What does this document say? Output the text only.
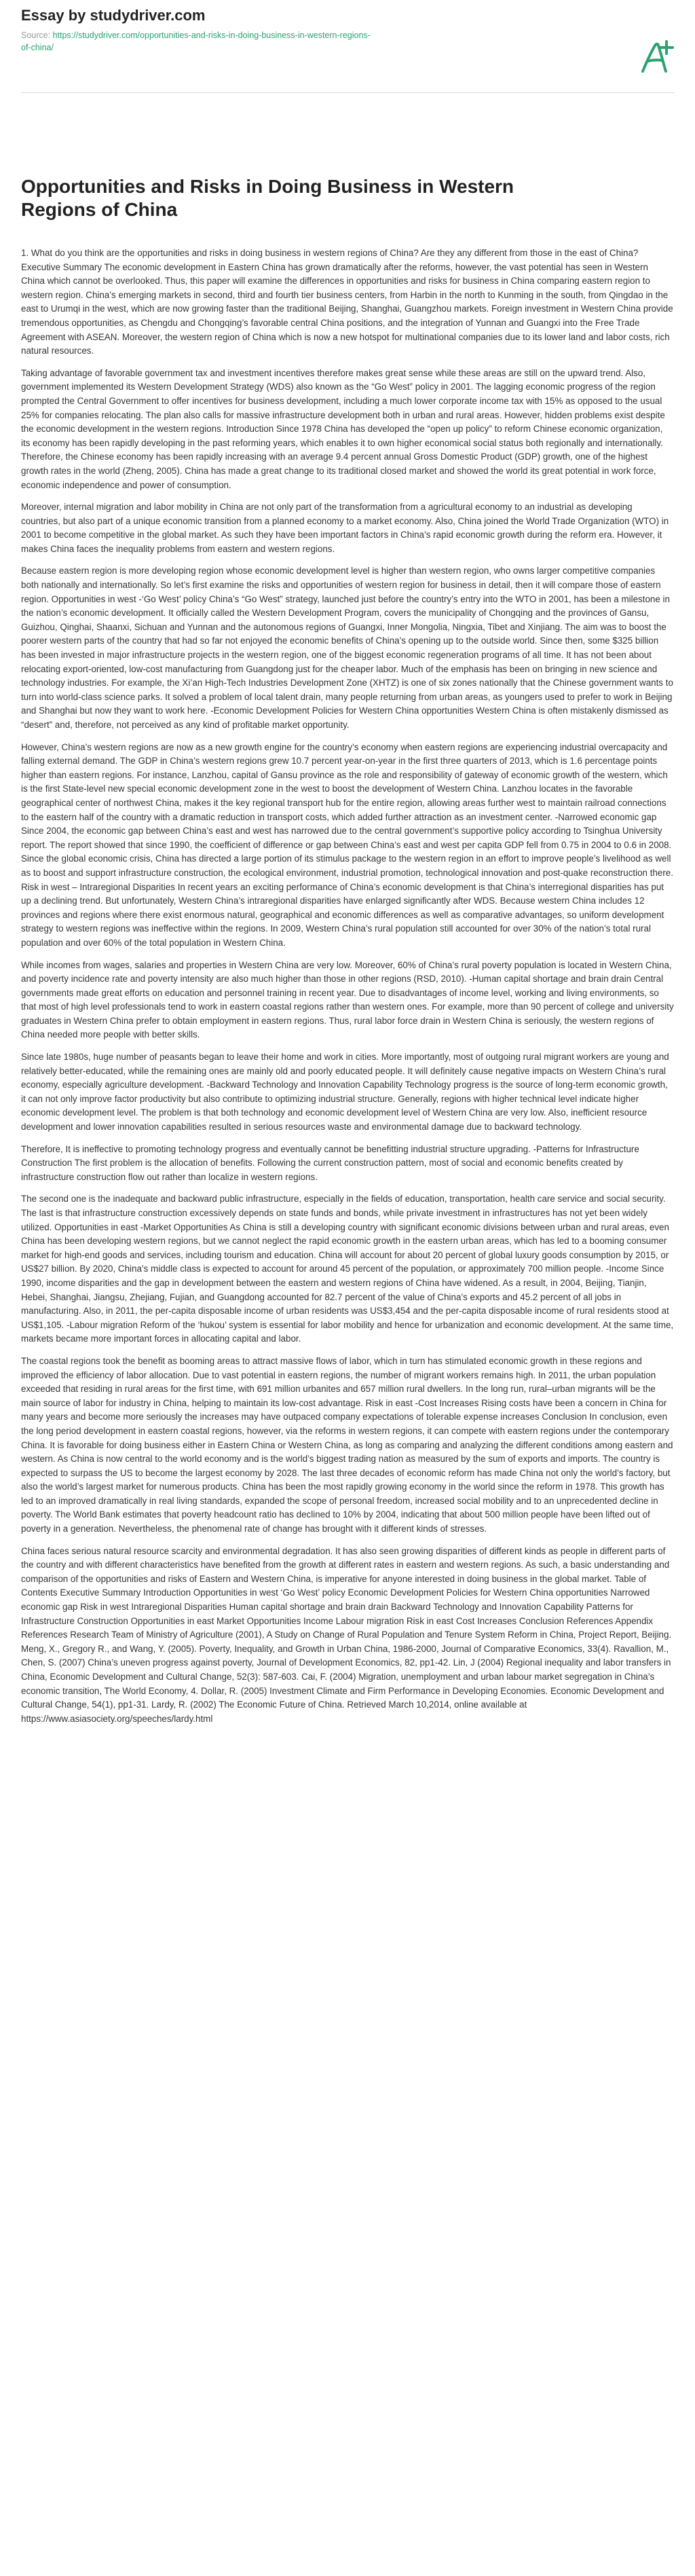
Essay by studydriver.com
Source: https://studydriver.com/opportunities-and-risks-in-doing-business-in-western-regions-of-china/
Opportunities and Risks in Doing Business in Western Regions of China

1. What do you think are the opportunities and risks in doing business in western regions of China? Are they any different from those in the east of China? Executive Summary The economic development in Eastern China has grown dramatically after the reforms, however, the vast potential has seen in Western China which cannot be overlooked. Thus, this paper will examine the differences in opportunities and risks for business in China comparing eastern region to western region. China’s emerging markets in second, third and fourth tier business centers, from Harbin in the north to Kunming in the south, from Qingdao in the east to Urumqi in the west, which are now growing faster than the traditional Beijing, Shanghai, Guangzhou markets. Foreign investment in Western China provide tremendous opportunities, as Chengdu and Chongqing’s favorable central China positions, and the integration of Yunnan and Guangxi into the Free Trade Agreement with ASEAN. Moreover, the western region of China which is now a new hotspot for multinational companies due to its lower land and labor costs, rich natural resources.

Taking advantage of favorable government tax and investment incentives therefore makes great sense while these areas are still on the upward trend. Also, government implemented its Western Development Strategy (WDS) also known as the “Go West” policy in 2001. The lagging economic progress of the region prompted the Central Government to offer incentives for business development, including a much lower corporate income tax with 15% as opposed to the usual 25% for companies relocating. The plan also calls for massive infrastructure development both in urban and rural areas. However, hidden problems exist despite the economic development in the western regions. Introduction Since 1978 China has developed the “open up policy” to reform Chinese economic organization, its economy has been rapidly developing in the past reforming years, which enables it to own higher economical social status both regionally and internationally. Therefore, the Chinese economy has been rapidly increasing with an average 9.4 percent annual Gross Domestic Product (GDP) growth, one of the highest growth rates in the world (Zheng, 2005). China has made a great change to its traditional closed market and showed the world its great potential in work force, economic independence and power of consumption.

Moreover, internal migration and labor mobility in China are not only part of the transformation from a agricultural economy to an industrial as developing countries, but also part of a unique economic transition from a planned economy to a market economy. Also, China joined the World Trade Organization (WTO) in 2001 to become competitive in the global market. As such they have been important factors in China’s rapid economic growth during the reform era. However, it makes China faces the inequality problems from eastern and western regions.

Because eastern region is more developing region whose economic development level is higher than western region, who owns larger competitive companies both nationally and internationally. So let’s first examine the risks and opportunities of western region for business in detail, then it will compare those of eastern region. Opportunities in west -‘Go West’ policy China’s “Go West” strategy, launched just before the country’s entry into the WTO in 2001, has been a milestone in the nation’s economic development. It officially called the Western Development Program, covers the municipality of Chongqing and the provinces of Gansu, Guizhou, Qinghai, Shaanxi, Sichuan and Yunnan and the autonomous regions of Guangxi, Inner Mongolia, Ningxia, Tibet and Xinjiang. The aim was to boost the poorer western parts of the country that had so far not enjoyed the economic benefits of China’s opening up to the outside world. Since then, some $325 billion has been invested in major infrastructure projects in the western region, one of the biggest economic regeneration programs of all time. It has not been about relocating export-oriented, low-cost manufacturing from Guangdong just for the cheaper labor. Much of the emphasis has been on bringing in new science and technology industries. For example, the Xi’an High-Tech Industries Development Zone (XHTZ) is one of six zones nationally that the Chinese government wants to turn into world-class science parks. It solved a problem of local talent drain, many people returning from urban areas, as youngers used to prefer to work in Beijing and Shanghai but now they want to work here. -Economic Development Policies for Western China opportunities Western China is often mistakenly dismissed as “desert” and, therefore, not perceived as any kind of profitable market opportunity.

However, China’s western regions are now as a new growth engine for the country’s economy when eastern regions are experiencing industrial overcapacity and falling external demand. The GDP in China’s western regions grew 10.7 percent year-on-year in the first three quarters of 2013, which is 1.6 percentage points higher than eastern regions. For instance, Lanzhou, capital of Gansu province as the role and responsibility of gateway of economic growth of the western, which is the first State-level new special economic development zone in the west to boost the development of Western China. Lanzhou locates in the favorable geographical center of northwest China, makes it the key regional transport hub for the entire region, allowing areas further west to maintain railroad connections to the eastern half of the country with a dramatic reduction in transport costs, which added further attraction as an investment center. -Narrowed economic gap Since 2004, the economic gap between China’s east and west has narrowed due to the central government’s supportive policy according to Tsinghua University report. The report showed that since 1990, the coefficient of difference or gap between China’s east and west per capita GDP fell from 0.75 in 2004 to 0.6 in 2008. Since the global economic crisis, China has directed a large portion of its stimulus package to the western region in an effort to improve people’s livelihood as well as to boost and support infrastructure construction, the ecological environment, industrial promotion, technological innovation and post-quake reconstruction there. Risk in west – Intraregional Disparities In recent years an exciting performance of China’s economic development is that China’s interregional disparities has put up a declining trend. But unfortunately, Western China’s intraregional disparities have enlarged significantly after WDS. Because western China includes 12 provinces and regions where there exist enormous natural, geographical and economic differences as well as comparative advantages, so uniform development strategy to western regions was ineffective within the regions. In 2009, Western China’s rural population still accounted for over 30% of the nation’s total rural population and over 60% of the total population in Western China.

While incomes from wages, salaries and properties in Western China are very low. Moreover, 60% of China’s rural poverty population is located in Western China, and poverty incidence rate and poverty intensity are also much higher than those in other regions (RSD, 2010). -Human capital shortage and brain drain Central governments made great efforts on education and personnel training in recent year. Due to disadvantages of income level, working and living environments, so that most of high level professionals tend to work in eastern coastal regions rather than western ones. For example, more than 90 percent of college and university graduates in Western China prefer to obtain employment in eastern regions. Thus, rural labor force drain in Western China is seriously, the western regions of China needed more people with better skills.

Since late 1980s, huge number of peasants began to leave their home and work in cities. More importantly, most of outgoing rural migrant workers are young and relatively better-educated, while the remaining ones are mainly old and poorly educated people. It will definitely cause negative impacts on Western China’s rural economy, especially agriculture development. -Backward Technology and Innovation Capability Technology progress is the source of long-term economic growth, it can not only improve factor productivity but also contribute to optimizing industrial structure. Generally, regions with higher technical level indicate higher economic development level. The problem is that both technology and economic development level of Western China are very low. Also, inefficient resource development and lower innovation capabilities resulted in serious resources waste and environmental damage due to backward technology.

Therefore, It is ineffective to promoting technology progress and eventually cannot be benefitting industrial structure upgrading. -Patterns for Infrastructure Construction The first problem is the allocation of benefits. Following the current construction pattern, most of social and economic benefits created by infrastructure construction flow out rather than localize in western regions.

The second one is the inadequate and backward public infrastructure, especially in the fields of education, transportation, health care service and social security. The last is that infrastructure construction excessively depends on state funds and bonds, while private investment in infrastructures has not yet been widely utilized. Opportunities in east -Market Opportunities As China is still a developing country with significant economic divisions between urban and rural areas, even China has been developing western regions, but we cannot neglect the rapid economic growth in the eastern urban areas, which has led to a booming consumer market for high-end goods and services, including tourism and education. China will account for about 20 percent of global luxury goods consumption by 2015, or US$27 billion. By 2020, China’s middle class is expected to account for around 45 percent of the population, or approximately 700 million people. -Income Since 1990, income disparities and the gap in development between the eastern and western regions of China have widened. As a result, in 2004, Beijing, Tianjin, Hebei, Shanghai, Jiangsu, Zhejiang, Fujian, and Guangdong accounted for 82.7 percent of the value of China’s exports and 45.2 percent of all jobs in manufacturing. Also, in 2011, the per-capita disposable income of urban residents was US$3,454 and the per-capita disposable income of rural residents stood at US$1,105. -Labour migration Reform of the ‘hukou’ system is essential for labor mobility and hence for urbanization and economic development. At the same time, markets became more important forces in allocating capital and labor.

The coastal regions took the benefit as booming areas to attract massive flows of labor, which in turn has stimulated economic growth in these regions and improved the efficiency of labor allocation. Due to vast potential in eastern regions, the number of migrant workers remains high. In 2011, the urban population exceeded that residing in rural areas for the first time, with 691 million urbanites and 657 million rural dwellers. In the long run, rural–urban migrants will be the main source of labor for industry in China, helping to maintain its low-cost advantage. Risk in east -Cost Increases Rising costs have been a concern in China for many years and become more seriously the increases may have outpaced company expectations of tolerable expense increases Conclusion In conclusion, even the long period development in eastern coastal regions, however, via the reforms in western regions, it can compete with eastern regions under the contemporary China. It is favorable for doing business either in Eastern China or Western China, as long as comparing and analyzing the different conditions among eastern and western. As China is now central to the world economy and is the world’s biggest trading nation as measured by the sum of exports and imports. The country is expected to surpass the US to become the largest economy by 2028. The last three decades of economic reform has made China not only the world’s factory, but also the world’s largest market for numerous products. China has been the most rapidly growing economy in the world since the reform in 1978. This growth has led to an improved dramatically in real living standards, expanded the scope of personal freedom, increased social mobility and to an unprecedented decline in poverty. The World Bank estimates that poverty headcount ratio has declined to 10% by 2004, indicating that about 500 million people have been lifted out of poverty in a generation. Nevertheless, the phenomenal rate of change has brought with it different kinds of stresses.

China faces serious natural resource scarcity and environmental degradation. It has also seen growing disparities of different kinds as people in different parts of the country and with different characteristics have benefited from the growth at different rates in eastern and western regions. As such, a basic understanding and comparison of the opportunities and risks of Eastern and Western China, is imperative for anyone interested in doing business in the global market. Table of Contents Executive Summary Introduction Opportunities in west ‘Go West’ policy Economic Development Policies for Western China opportunities Narrowed economic gap Risk in west Intraregional Disparities Human capital shortage and brain drain Backward Technology and Innovation Capability Patterns for Infrastructure Construction Opportunities in east Market Opportunities Income Labour migration Risk in east Cost Increases Conclusion References Appendix References Research Team of Ministry of Agriculture (2001), A Study on Change of Rural Population and Tenure System Reform in China, Project Report, Beijing. Meng, X., Gregory R., and Wang, Y. (2005). Poverty, Inequality, and Growth in Urban China, 1986-2000, Journal of Comparative Economics, 33(4). Ravallion, M., Chen, S. (2007) China’s uneven progress against poverty, Journal of Development Economics, 82, pp1-42. Lin, J (2004) Regional inequality and labor transfers in China, Economic Development and Cultural Change, 52(3): 587-603. Cai, F. (2004) Migration, unemployment and urban labour market segregation in China’s economic transition, The World Economy, 4. Dollar, R. (2005) Investment Climate and Firm Performance in Developing Economies. Economic Development and Cultural Change, 54(1), pp1-31. Lardy, R. (2002) The Economic Future of China. Retrieved March 10,2014, online available at https://www.asiasociety.org/speeches/lardy.html
